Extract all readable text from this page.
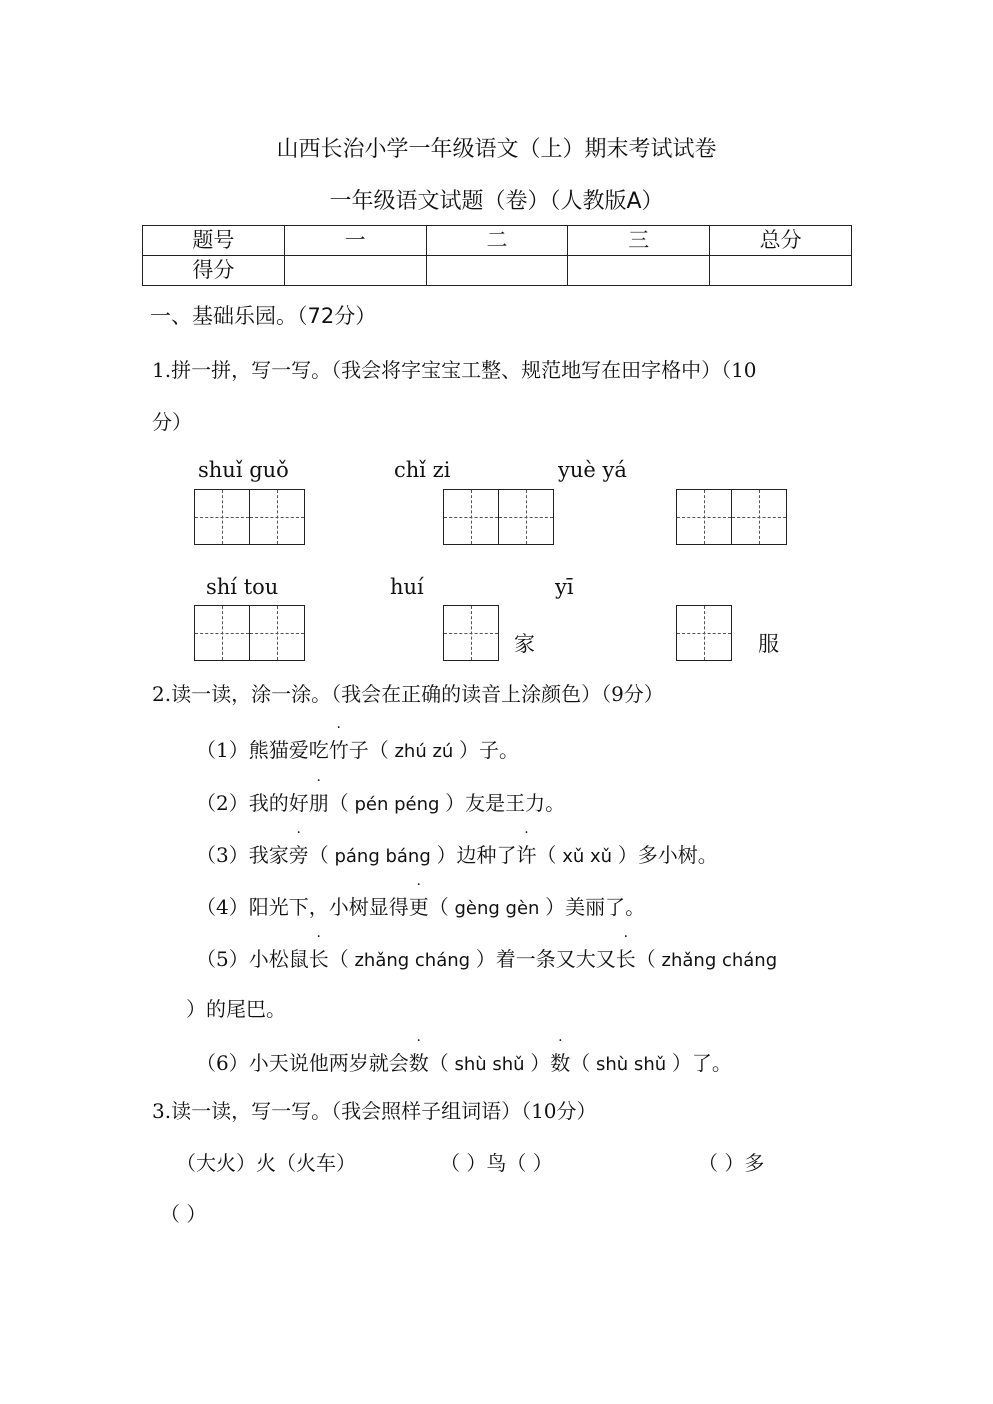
山西长治小学一年级语文（上）期末考试试卷
一年级语文试题（卷）（人教版A）
题号	一	二	三	总分
得分				
一、基础乐园。（72分）
1.拼一拼，写一写。（我会将字宝宝工整、规范地写在田字格中）（10
分）
shuǐ guǒ	chǐ zi	yuè yá
shí tou	huí	yī
家	服
2.读一读，涂一涂。（我会在正确的读音上涂颜色）（9分）
（1）熊猫爱吃竹子（ zhú zú ）子。
（2）我的好朋（ pén péng ）友是王力。
（3）我家旁（ páng báng ）边种了许（ xǔ xǔ ）多小树。
（4）阳光下，小树显得更（ gèng gèn ）美丽了。
（5）小松鼠长（ zhǎng cháng ）着一条又大又长（ zhǎng cháng
）的尾巴。
（6）小天说他两岁就会数（ shù shǔ ）数（ shù shǔ ）了。
3.读一读，写一写。（我会照样子组词语）（10分）
（大火）火（火车）	（ ）鸟（ ）	（ ）多
（ ）
